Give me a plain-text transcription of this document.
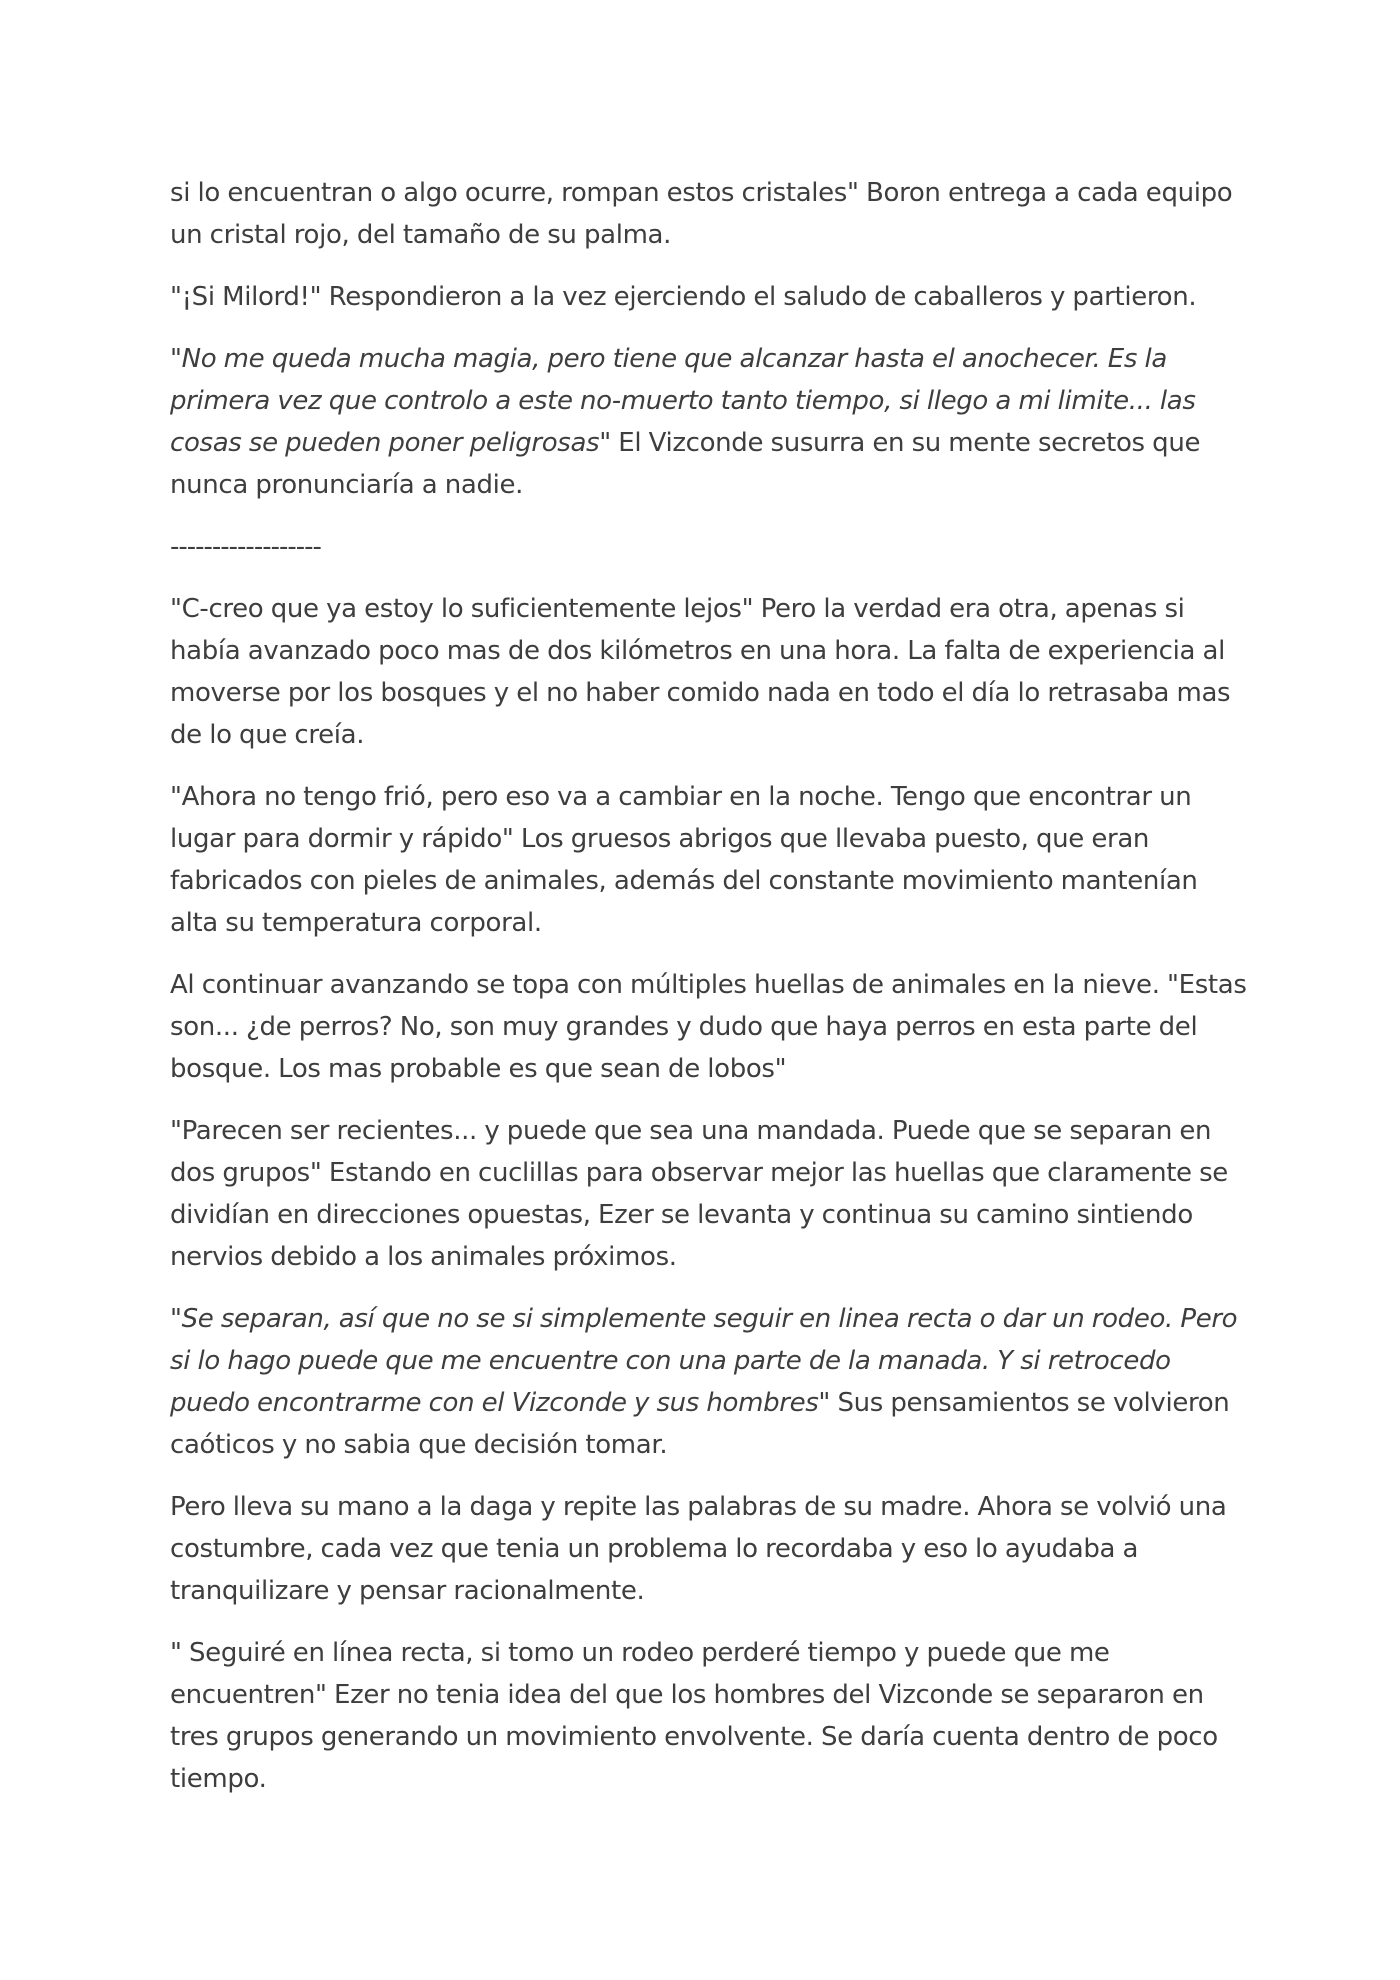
si lo encuentran o algo ocurre, rompan estos cristales" Boron entrega a cada equipo un cristal rojo, del tamaño de su palma.

"¡Si Milord!" Respondieron a la vez ejerciendo el saludo de caballeros y partieron.

"No me queda mucha magia, pero tiene que alcanzar hasta el anochecer. Es la primera vez que controlo a este no-muerto tanto tiempo, si llego a mi limite... las cosas se pueden poner peligrosas" El Vizconde susurra en su mente secretos que nunca pronunciaría a nadie.

------------------

"C-creo que ya estoy lo suficientemente lejos" Pero la verdad era otra, apenas si había avanzado poco mas de dos kilómetros en una hora. La falta de experiencia al moverse por los bosques y el no haber comido nada en todo el día lo retrasaba mas de lo que creía.

"Ahora no tengo frió, pero eso va a cambiar en la noche. Tengo que encontrar un lugar para dormir y rápido" Los gruesos abrigos que llevaba puesto, que eran fabricados con pieles de animales, además del constante movimiento mantenían alta su temperatura corporal.

Al continuar avanzando se topa con múltiples huellas de animales en la nieve. "Estas son... ¿de perros? No, son muy grandes y dudo que haya perros en esta parte del bosque. Los mas probable es que sean de lobos"

"Parecen ser recientes... y puede que sea una mandada. Puede que se separan en dos grupos" Estando en cuclillas para observar mejor las huellas que claramente se dividían en direcciones opuestas, Ezer se levanta y continua su camino sintiendo nervios debido a los animales próximos.

"Se separan, así que no se si simplemente seguir en linea recta o dar un rodeo. Pero si lo hago puede que me encuentre con una parte de la manada. Y si retrocedo puedo encontrarme con el Vizconde y sus hombres" Sus pensamientos se volvieron caóticos y no sabia que decisión tomar.

Pero lleva su mano a la daga y repite las palabras de su madre. Ahora se volvió una costumbre, cada vez que tenia un problema lo recordaba y eso lo ayudaba a tranquilizare y pensar racionalmente.

" Seguiré en línea recta, si tomo un rodeo perderé tiempo y puede que me encuentren" Ezer no tenia idea del que los hombres del Vizconde se separaron en tres grupos generando un movimiento envolvente. Se daría cuenta dentro de poco tiempo.
